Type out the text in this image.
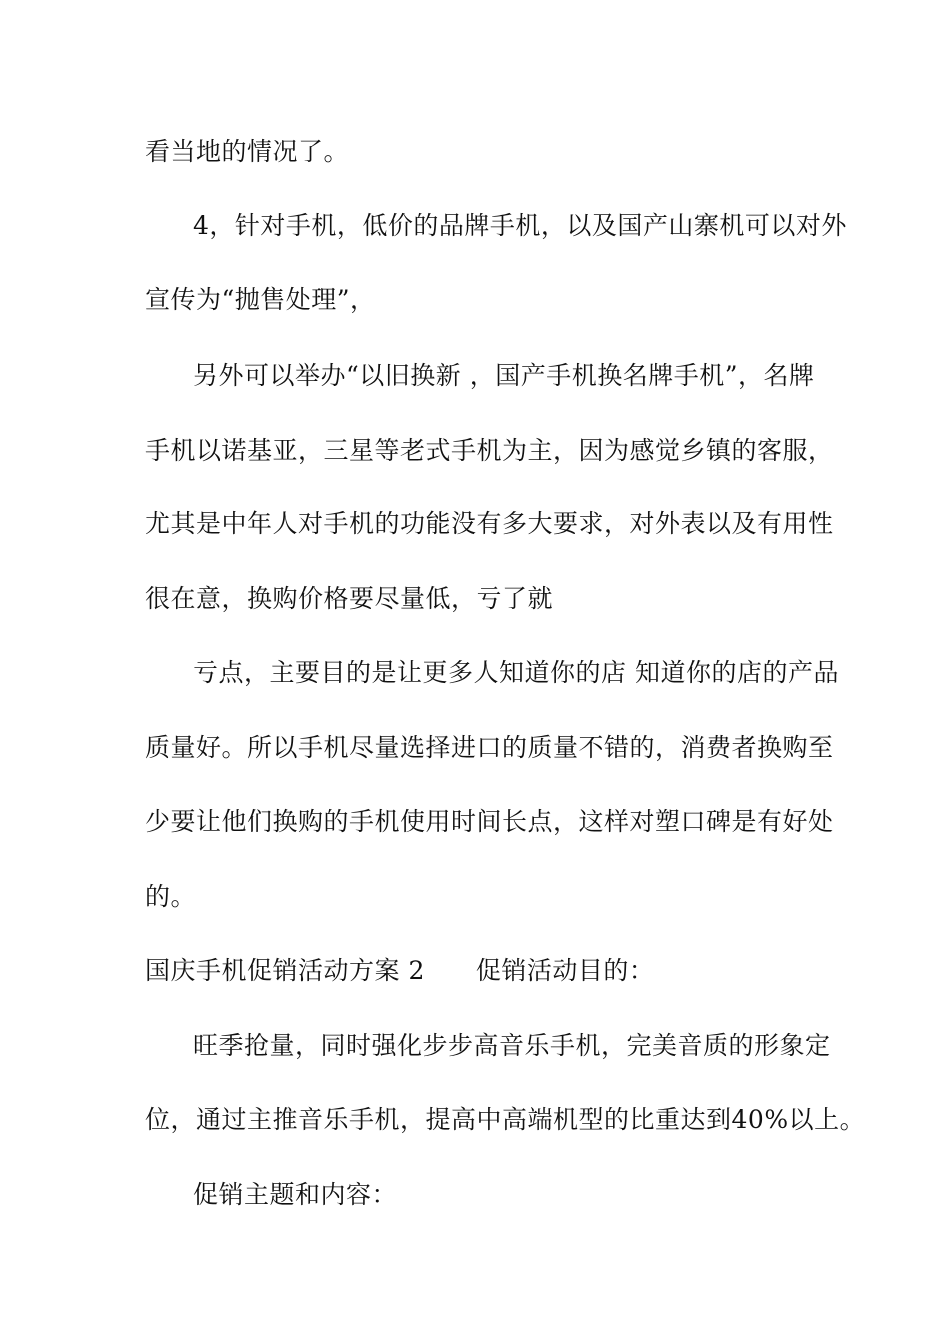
看当地的情况了。
4，针对手机，低价的品牌手机，以及国产山寨机可以对外
宣传为“抛售处理”，
另外可以举办“以旧换新 ，国产手机换名牌手机”，名牌
手机以诺基亚，三星等老式手机为主，因为感觉乡镇的客服，
尤其是中年人对手机的功能没有多大要求，对外表以及有用性
很在意，换购价格要尽量低，亏了就
亏点，主要目的是让更多人知道你的店 知道你的店的产品
质量好。所以手机尽量选择进口的质量不错的，消费者换购至
少要让他们换购的手机使用时间长点，这样对塑口碑是有好处
的。
国庆手机促销活动方案 2　　促销活动目的：
旺季抢量，同时强化步步高音乐手机，完美音质的形象定
位，通过主推音乐手机，提高中高端机型的比重达到40%以上。
促销主题和内容：
